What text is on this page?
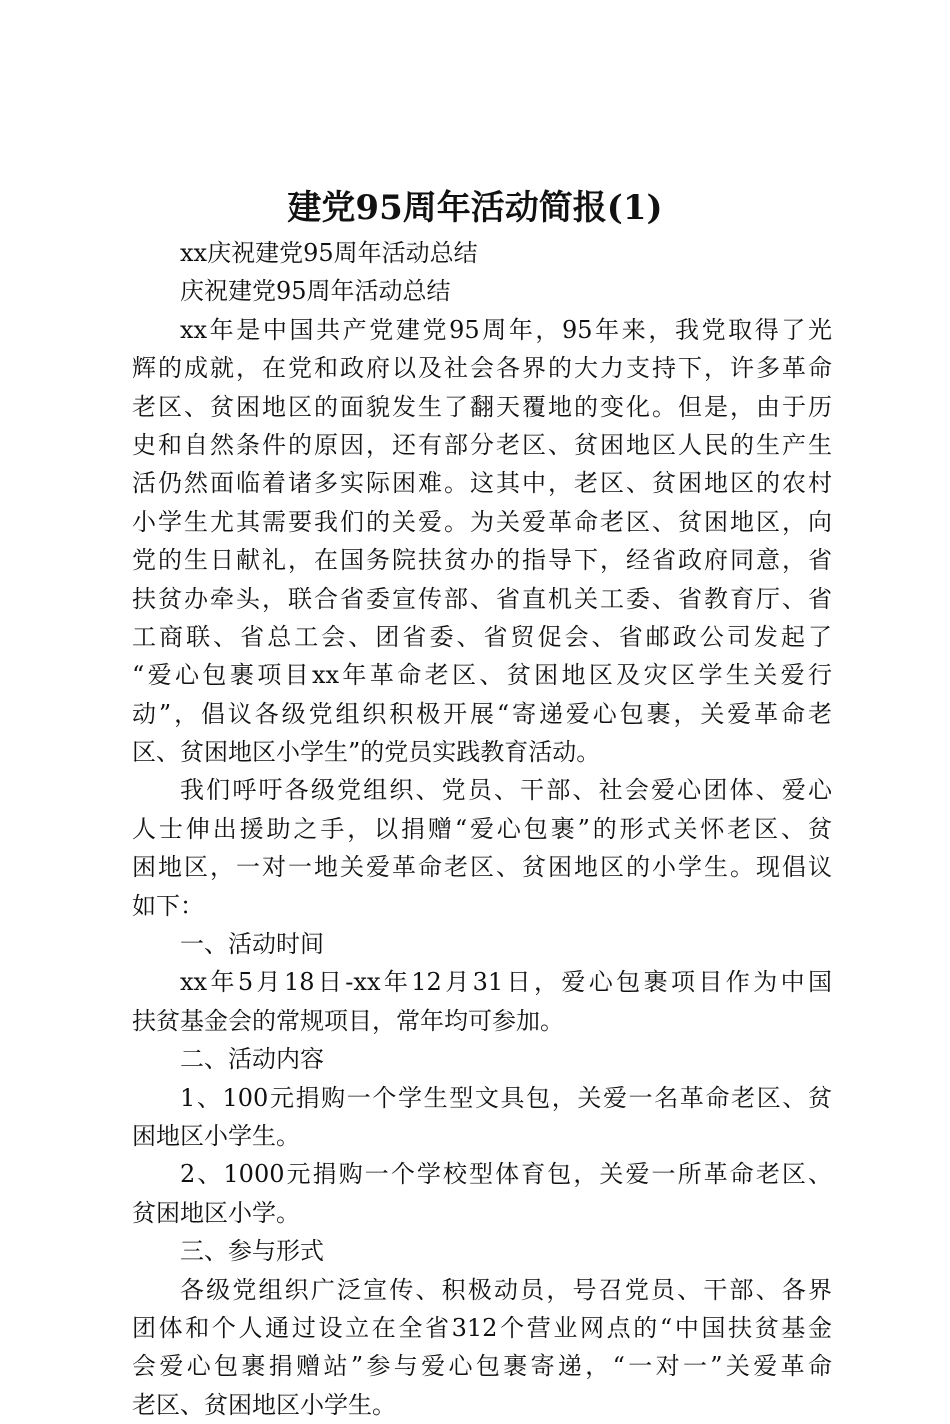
建党95周年活动简报(1)
xx庆祝建党95周年活动总结
庆祝建党95周年活动总结
xx年是中国共产党建党95周年，95年来，我党取得了光
辉的成就，在党和政府以及社会各界的大力支持下，许多革命
老区、贫困地区的面貌发生了翻天覆地的变化。但是，由于历
史和自然条件的原因，还有部分老区、贫困地区人民的生产生
活仍然面临着诸多实际困难。这其中，老区、贫困地区的农村
小学生尤其需要我们的关爱。为关爱革命老区、贫困地区，向
党的生日献礼，在国务院扶贫办的指导下，经省政府同意，省
扶贫办牵头，联合省委宣传部、省直机关工委、省教育厅、省
工商联、省总工会、团省委、省贸促会、省邮政公司发起了
“爱心包裹项目xx年革命老区、贫困地区及灾区学生关爱行
动”，倡议各级党组织积极开展“寄递爱心包裹，关爱革命老
区、贫困地区小学生”的党员实践教育活动。
我们呼吁各级党组织、党员、干部、社会爱心团体、爱心
人士伸出援助之手，以捐赠“爱心包裹”的形式关怀老区、贫
困地区，一对一地关爱革命老区、贫困地区的小学生。现倡议
如下：
一、活动时间
xx年5月18日-xx年12月31日，爱心包裹项目作为中国
扶贫基金会的常规项目，常年均可参加。
二、活动内容
1、100元捐购一个学生型文具包，关爱一名革命老区、贫
困地区小学生。
2、1000元捐购一个学校型体育包，关爱一所革命老区、
贫困地区小学。
三、参与形式
各级党组织广泛宣传、积极动员，号召党员、干部、各界
团体和个人通过设立在全省312个营业网点的“中国扶贫基金
会爱心包裹捐赠站”参与爱心包裹寄递，“一对一”关爱革命
老区、贫困地区小学生。
